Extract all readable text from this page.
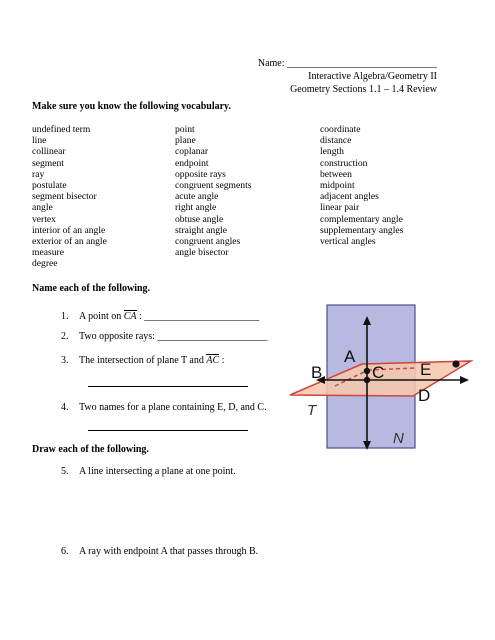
Name: ______________________________
Interactive Algebra/Geometry II
Geometry Sections 1.1 – 1.4 Review
Make sure you know the following vocabulary.
undefined term
line
collinear
segment
ray
postulate
segment bisector
angle
vertex
interior of an angle
exterior of an angle
measure
degree
point
plane
coplanar
endpoint
opposite rays
congruent segments
acute angle
right angle
obtuse angle
straight angle
congruent angles
angle bisector
coordinate
distance
length
construction
between
midpoint
adjacent angles
linear pair
complementary angle
supplementary angles
vertical angles
Name each of the following.
1. A point on CA : _______________________
2. Two opposite rays: ______________________
3. The intersection of plane T and AC :
4. Two names for a plane containing E, D, and C.
A
B	C E
D
T
N
Draw each of the following.
5. A line intersecting a plane at one point.
6. A ray with endpoint A that passes through B.
